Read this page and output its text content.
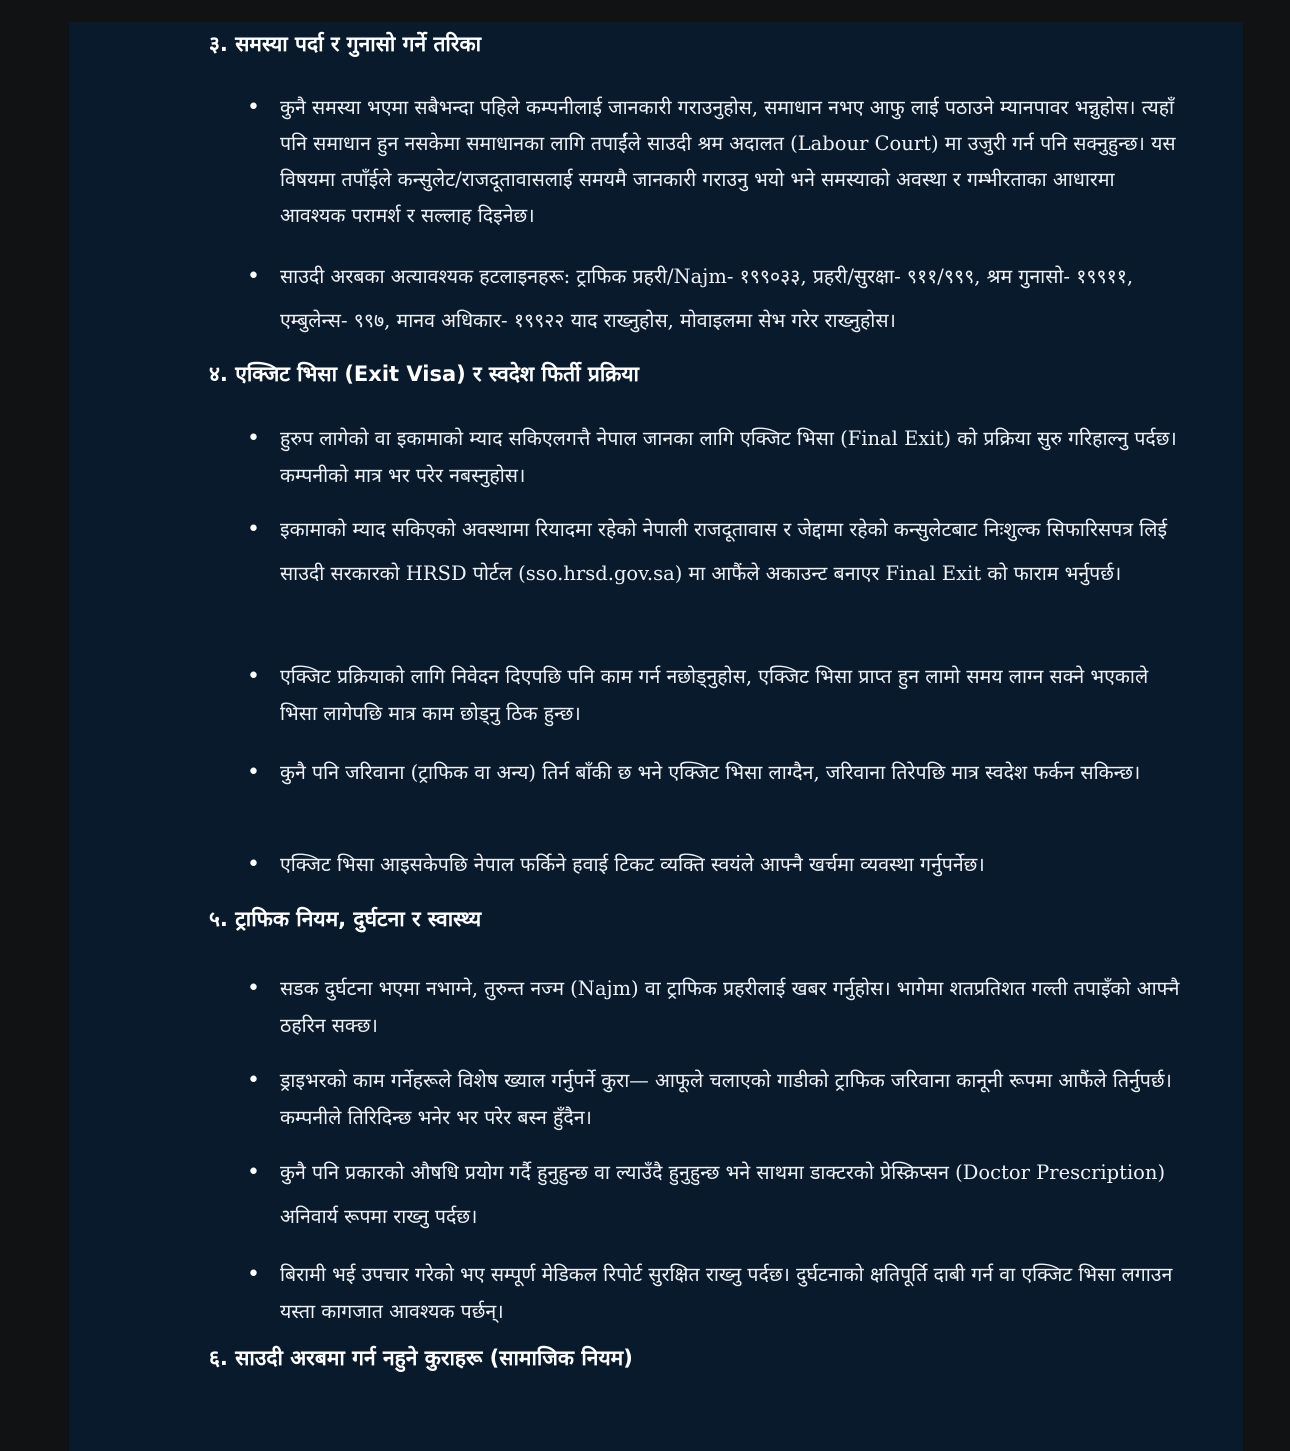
३. समस्या पर्दा र गुनासो गर्ने तरिका

• कुनै समस्या भएमा सबैभन्दा पहिले कम्पनीलाई जानकारी गराउनुहोस, समाधान नभए आफु लाई पठाउने म्यानपावर भन्नुहोस। त्यहाँ पनि समाधान हुन नसकेमा समाधानका लागि तपाईंले साउदी श्रम अदालत (Labour Court) मा उजुरी गर्न पनि सक्नुहुन्छ। यस विषयमा तपाँईले कन्सुलेट/राजदूतावासलाई समयमै जानकारी गराउनु भयो भने समस्याको अवस्था र गम्भीरताका आधारमा आवश्यक परामर्श र सल्लाह दिइनेछ।

• साउदी अरबका अत्यावश्यक हटलाइनहरू: ट्राफिक प्रहरी/Najm- १९९०३३, प्रहरी/सुरक्षा- ९११/९९९, श्रम गुनासो- १९९११, एम्बुलेन्स- ९९७, मानव अधिकार- १९९२२ याद राख्नुहोस, मोवाइलमा सेभ गरेर राख्नुहोस।

४. एक्जिट भिसा (Exit Visa) र स्वदेश फिर्ती प्रक्रिया

• हुरुप लागेको वा इकामाको म्याद सकिएलगत्तै नेपाल जानका लागि एक्जिट भिसा (Final Exit) को प्रक्रिया सुरु गरिहाल्नु पर्दछ। कम्पनीको मात्र भर परेर नबस्नुहोस।

• इकामाको म्याद सकिएको अवस्थामा रियादमा रहेको नेपाली राजदूतावास र जेद्दामा रहेको कन्सुलेटबाट निःशुल्क सिफारिसपत्र लिई साउदी सरकारको HRSD पोर्टल (sso.hrsd.gov.sa) मा आफैंले अकाउन्ट बनाएर Final Exit को फाराम भर्नुपर्छ।

• एक्जिट प्रक्रियाको लागि निवेदन दिएपछि पनि काम गर्न नछोड्नुहोस, एक्जिट भिसा प्राप्त हुन लामो समय लाग्न सक्ने भएकाले भिसा लागेपछि मात्र काम छोड्नु ठिक हुन्छ।

• कुनै पनि जरिवाना (ट्राफिक वा अन्य) तिर्न बाँकी छ भने एक्जिट भिसा लाग्दैन, जरिवाना तिरेपछि मात्र स्वदेश फर्कन सकिन्छ।

• एक्जिट भिसा आइसकेपछि नेपाल फर्किने हवाई टिकट व्यक्ति स्वयंले आफ्नै खर्चमा व्यवस्था गर्नुपर्नेछ।

५. ट्राफिक नियम, दुर्घटना र स्वास्थ्य

• सडक दुर्घटना भएमा नभाग्ने, तुरुन्त नज्म (Najm) वा ट्राफिक प्रहरीलाई खबर गर्नुहोस। भागेमा शतप्रतिशत गल्ती तपाइँको आफ्नै ठहरिन सक्छ।

• ड्राइभरको काम गर्नेहरूले विशेष ख्याल गर्नुपर्ने कुरा— आफूले चलाएको गाडीको ट्राफिक जरिवाना कानूनी रूपमा आफैंले तिर्नुपर्छ। कम्पनीले तिरिदिन्छ भनेर भर परेर बस्न हुँदैन।

• कुनै पनि प्रकारको औषधि प्रयोग गर्दै हुनुहुन्छ वा ल्याउँदै हुनुहुन्छ भने साथमा डाक्टरको प्रेस्क्रिप्सन (Doctor Prescription) अनिवार्य रूपमा राख्नु पर्दछ।

• बिरामी भई उपचार गरेको भए सम्पूर्ण मेडिकल रिपोर्ट सुरक्षित राख्नु पर्दछ। दुर्घटनाको क्षतिपूर्ति दाबी गर्न वा एक्जिट भिसा लगाउन यस्ता कागजात आवश्यक पर्छन्।

६. साउदी अरबमा गर्न नहुने कुराहरू (सामाजिक नियम)
